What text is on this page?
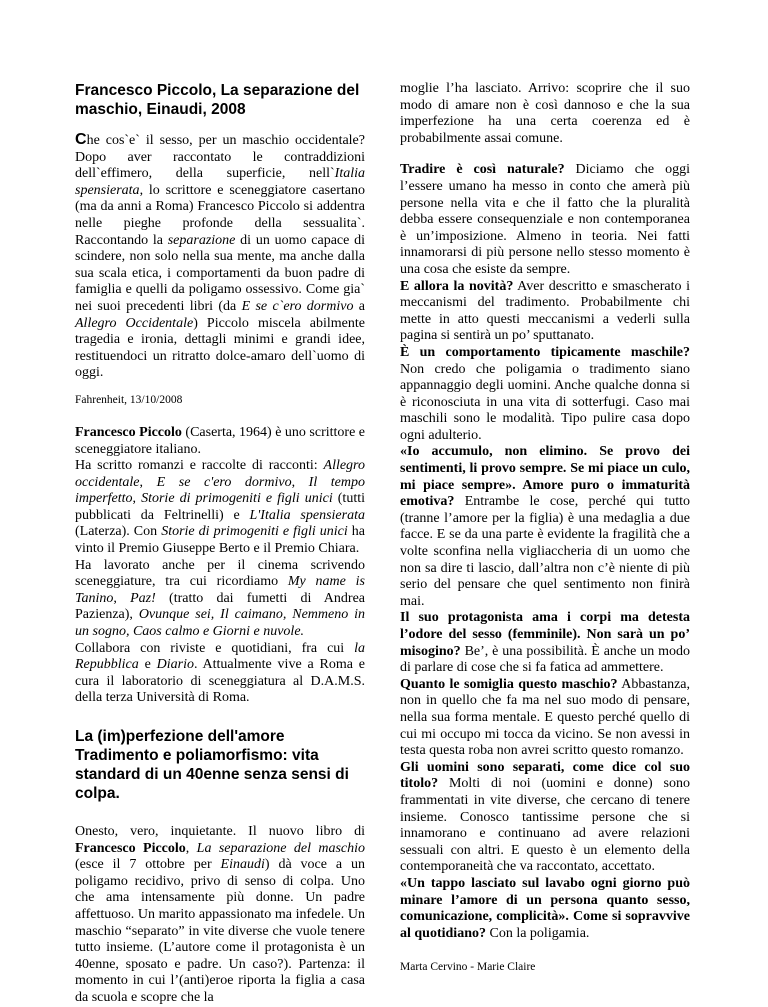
Francesco Piccolo, La separazione del maschio, Einaudi, 2008

Che cos`e` il sesso, per un maschio occidentale? Dopo aver raccontato le contraddizioni dell`effimero, della superficie, nell`Italia spensierata, lo scrittore e sceneggiatore casertano (ma da anni a Roma) Francesco Piccolo si addentra nelle pieghe profonde della sessualita`. Raccontando la separazione di un uomo capace di scindere, non solo nella sua mente, ma anche dalla sua scala etica, i comportamenti da buon padre di famiglia e quelli da poligamo ossessivo. Come gia` nei suoi precedenti libri (da E se c`ero dormivo a Allegro Occidentale) Piccolo miscela abilmente tragedia e ironia, dettagli minimi e grandi idee, restituendoci un ritratto dolce-amaro dell`uomo di oggi.

Fahrenheit, 13/10/2008

Francesco Piccolo (Caserta, 1964) è uno scrittore e sceneggiatore italiano.

Ha scritto romanzi e raccolte di racconti: Allegro occidentale, E se c'ero dormivo, Il tempo imperfetto, Storie di primogeniti e figli unici (tutti pubblicati da Feltrinelli) e L'Italia spensierata (Laterza). Con Storie di primogeniti e figli unici ha vinto il Premio Giuseppe Berto e il Premio Chiara.

Ha lavorato anche per il cinema scrivendo sceneggiature, tra cui ricordiamo My name is Tanino, Paz! (tratto dai fumetti di Andrea Pazienza), Ovunque sei, Il caimano, Nemmeno in un sogno, Caos calmo e Giorni e nuvole.

Collabora con riviste e quotidiani, fra cui la Repubblica e Diario. Attualmente vive a Roma e cura il laboratorio di sceneggiatura al D.A.M.S. della terza Università di Roma.

La (im)perfezione dell'amore
Tradimento e poliamorfismo: vita standard di un 40enne senza sensi di colpa.

Onesto, vero, inquietante. Il nuovo libro di Francesco Piccolo, La separazione del maschio (esce il 7 ottobre per Einaudi) dà voce a un poligamo recidivo, privo di senso di colpa. Uno che ama intensamente più donne. Un padre affettuoso. Un marito appassionato ma infedele. Un maschio “separato” in vite diverse che vuole tenere tutto insieme. (L’autore come il protagonista è un 40enne, sposato e padre. Un caso?). Partenza: il momento in cui l’(anti)eroe riporta la figlia a casa da scuola e scopre che la

moglie l’ha lasciato. Arrivo: scoprire che il suo modo di amare non è così dannoso e che la sua imperfezione ha una certa coerenza ed è probabilmente assai comune.

Tradire è così naturale? Diciamo che oggi l’essere umano ha messo in conto che amerà più persone nella vita e che il fatto che la pluralità debba essere consequenziale e non contemporanea è un’imposizione. Almeno in teoria. Nei fatti innamorarsi di più persone nello stesso momento è una cosa che esiste da sempre.

E allora la novità? Aver descritto e smascherato i meccanismi del tradimento. Probabilmente chi mette in atto questi meccanismi a vederli sulla pagina si sentirà un po’ sputtanato.

È un comportamento tipicamente maschile? Non credo che poligamia o tradimento siano appannaggio degli uomini. Anche qualche donna si è riconosciuta in una vita di sotterfugi. Caso mai maschili sono le modalità. Tipo pulire casa dopo ogni adulterio.

«Io accumulo, non elimino. Se provo dei sentimenti, li provo sempre. Se mi piace un culo, mi piace sempre». Amore puro o immaturità emotiva? Entrambe le cose, perché qui tutto (tranne l’amore per la figlia) è una medaglia a due facce. E se da una parte è evidente la fragilità che a volte sconfina nella vigliaccheria di un uomo che non sa dire ti lascio, dall’altra non c’è niente di più serio del pensare che quel sentimento non finirà mai.

Il suo protagonista ama i corpi ma detesta l’odore del sesso (femminile). Non sarà un po’ misogino? Be’, è una possibilità. È anche un modo di parlare di cose che si fa fatica ad ammettere.

Quanto le somiglia questo maschio? Abbastanza, non in quello che fa ma nel suo modo di pensare, nella sua forma mentale. E questo perché quello di cui mi occupo mi tocca da vicino. Se non avessi in testa questa roba non avrei scritto questo romanzo.

Gli uomini sono separati, come dice col suo titolo? Molti di noi (uomini e donne) sono frammentati in vite diverse, che cercano di tenere insieme. Conosco tantissime persone che si innamorano e continuano ad avere relazioni sessuali con altri. E questo è un elemento della contemporaneità che va raccontato, accettato.

«Un tappo lasciato sul lavabo ogni giorno può minare l’amore di un persona quanto sesso, comunicazione, complicità». Come si sopravvive al quotidiano? Con la poligamia.

Marta Cervino - Marie Claire
